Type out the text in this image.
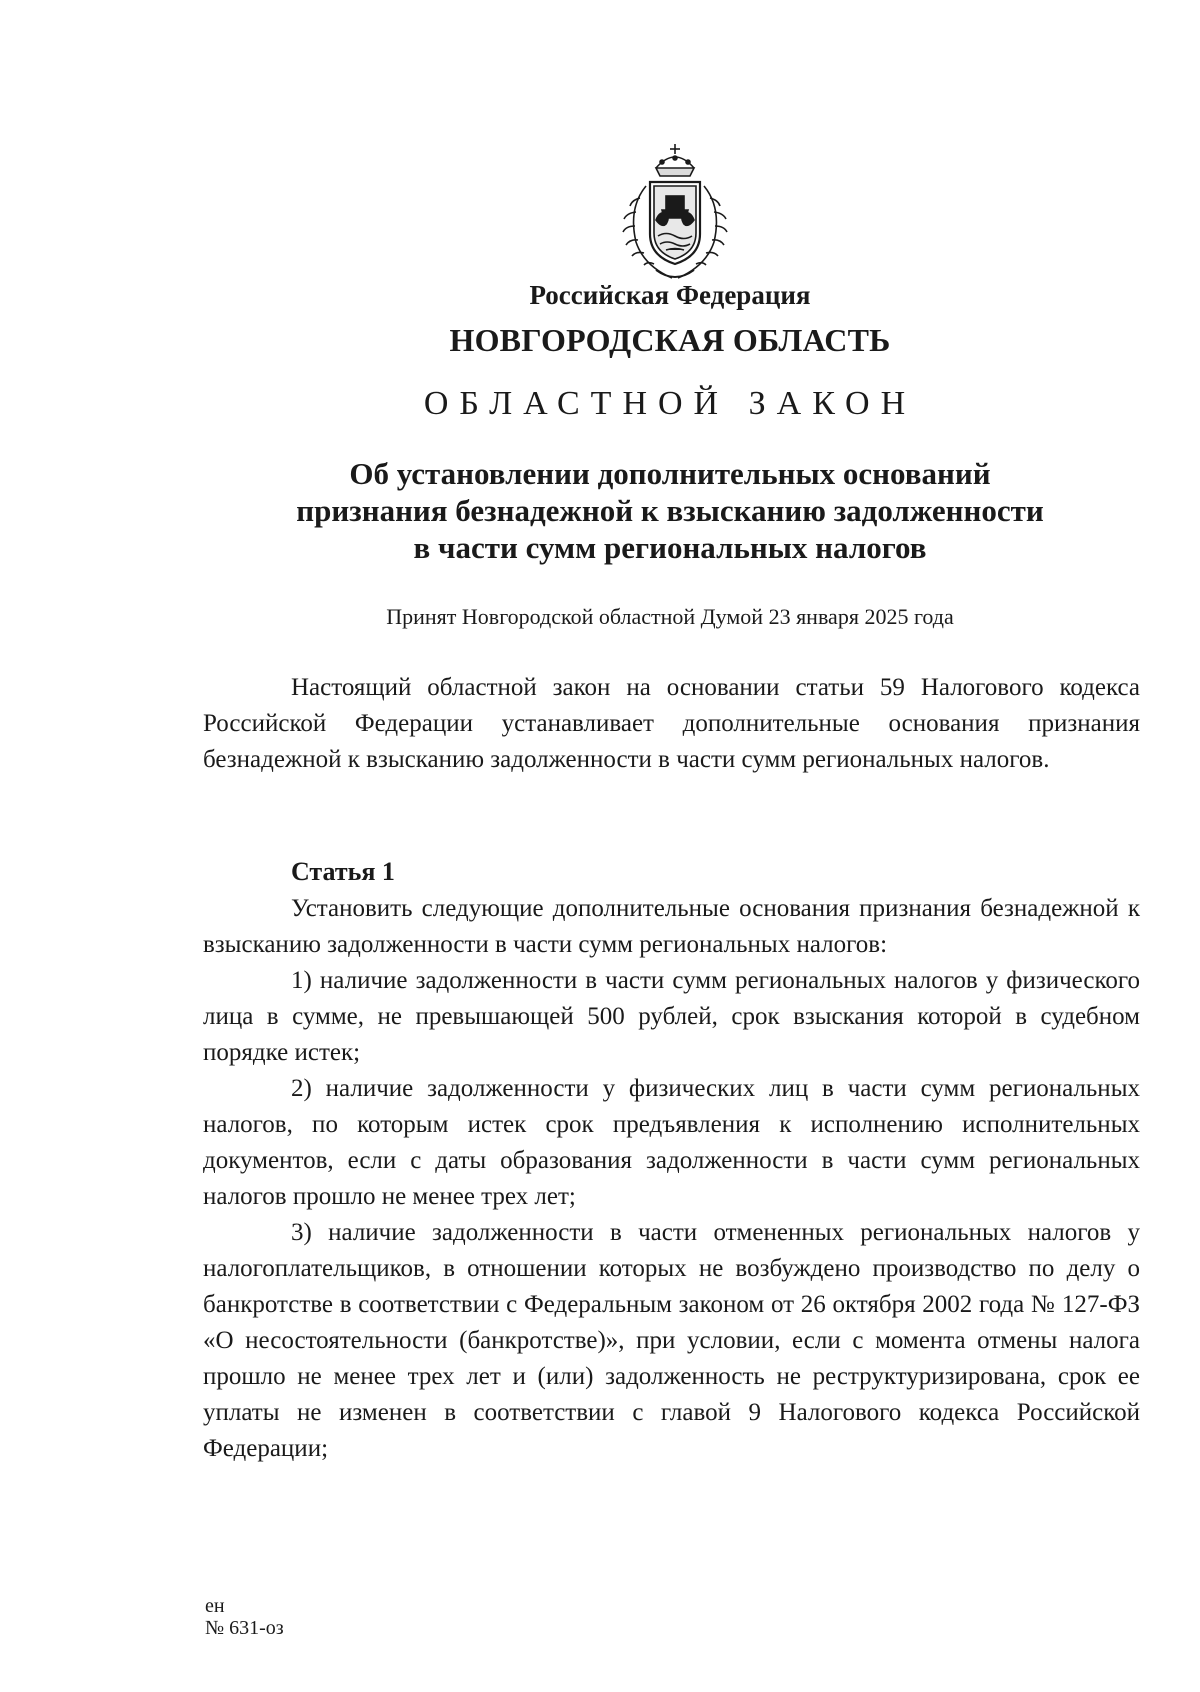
Российская Федерация
НОВГОРОДСКАЯ ОБЛАСТЬ
ОБЛАСТНОЙ ЗАКОН
Об установлении дополнительных оснований
признания безнадежной к взысканию задолженности
в части сумм региональных налогов
Принят Новгородской областной Думой 23 января 2025 года

Настоящий областной закон на основании статьи 59 Налогового кодекса Российской Федерации устанавливает дополнительные основания признания безнадежной к взысканию задолженности в части сумм региональных налогов.

Статья 1

Установить следующие дополнительные основания признания безнадежной к взысканию задолженности в части сумм региональных налогов:

1) наличие задолженности в части сумм региональных налогов у физического лица в сумме, не превышающей 500 рублей, срок взыскания которой в судебном порядке истек;

2) наличие задолженности у физических лиц в части сумм региональных налогов, по которым истек срок предъявления к исполнению исполнительных документов, если с даты образования задолженности в части сумм региональных налогов прошло не менее трех лет;

3) наличие задолженности в части отмененных региональных налогов у налогоплательщиков, в отношении которых не возбуждено производство по делу о банкротстве в соответствии с Федеральным законом от 26 октября 2002 года № 127-ФЗ «О несостоятельности (банкротстве)», при условии, если с момента отмены налога прошло не менее трех лет и (или) задолженность не реструктуризирована, срок ее уплаты не изменен в соответствии с главой 9 Налогового кодекса Российской Федерации;

ен
№ 631-оз
